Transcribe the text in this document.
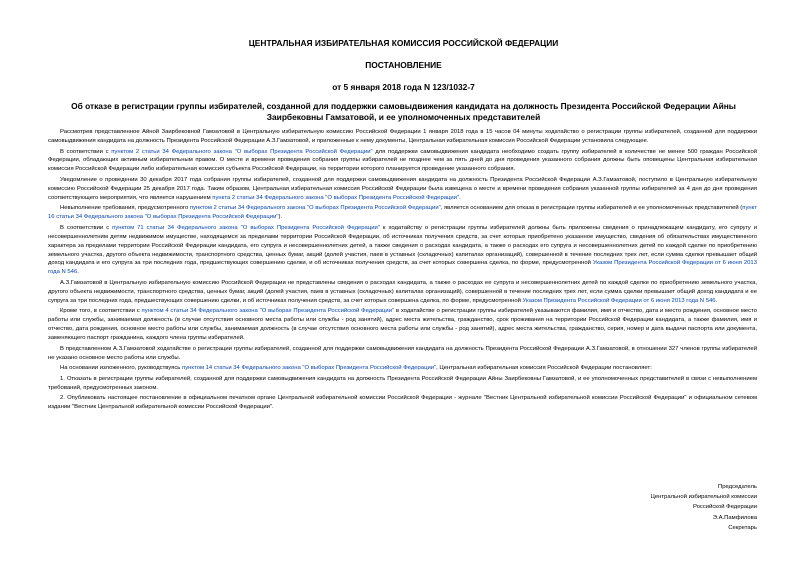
ЦЕНТРАЛЬНАЯ ИЗБИРАТЕЛЬНАЯ КОМИССИЯ РОССИЙСКОЙ ФЕДЕРАЦИИ
ПОСТАНОВЛЕНИЕ
от 5 января 2018 года N 123/1032-7
Об отказе в регистрации группы избирателей, созданной для поддержки самовыдвижения кандидата на должность Президента Российской Федерации Айны Заирбековны Гамзатовой, и ее уполномоченных представителей

Рассмотрев представленное Айной Заирбековной Гамзатовой в Центральную избирательную комиссию Российской Федерации 1 января 2018 года в 15 часов 04 минуты ходатайство о регистрации группы избирателей, созданной для поддержки самовыдвижения кандидата на должность Президента Российской Федерации А.З.Гамзатовой, и приложенные к нему документы, Центральная избирательная комиссия Российской Федерации установила следующее.

В соответствии с пунктом 2 статьи 34 Федерального закона "О выборах Президента Российской Федерации" для поддержки самовыдвижения кандидата необходимо создать группу избирателей в количестве не менее 500 граждан Российской Федерации, обладающих активным избирательным правом. О месте и времени проведения собрания группы избирателей не позднее чем за пять дней до дня проведения указанного собрания должны быть оповещены Центральная избирательная комиссия Российской Федерации либо избирательная комиссия субъекта Российской Федерации, на территории которого планируется проведение указанного собрания.

Уведомление о проведении 30 декабря 2017 года собрания группы избирателей, созданной для поддержки самовыдвижения кандидата на должность Президента Российской Федерации А.З.Гамзатовой, поступило в Центральную избирательную комиссию Российской Федерации 25 декабря 2017 года. Таким образом, Центральная избирательная комиссия Российской Федерации была извещена о месте и времени проведения собрания указанной группы избирателей за 4 дня до дня проведения соответствующего мероприятия, что является нарушением пункта 2 статьи 34 Федерального закона "О выборах Президента Российской Федерации".

Невыполнение требования, предусмотренного пунктом 2 статьи 34 Федерального закона "О выборах Президента Российской Федерации", является основанием для отказа в регистрации группы избирателей и ее уполномоченных представителей (пункт 16 статьи 34 Федерального закона "О выборах Президента Российской Федерации").

В соответствии с пунктом 71 статьи 34 Федерального закона "О выборах Президента Российской Федерации" к ходатайству о регистрации группы избирателей должны быть приложены сведения о принадлежащем кандидату, его супругу и несовершеннолетним детям недвижимом имуществе, находящемся за пределами территории Российской Федерации, об источниках получения средств, за счет которых приобретено указанное имущество, сведения об обязательствах имущественного характера за пределами территории Российской Федерации кандидата, его супруга и несовершеннолетних детей, а также сведения о расходах кандидата, а также о расходах его супруга и несовершеннолетних детей по каждой сделке по приобретению земельного участка, другого объекта недвижимости, транспортного средства, ценных бумаг, акций (долей участия, паев в уставных (складочных) капиталах организаций), совершенной в течение последних трех лет, если сумма сделки превышает общий доход кандидата и его супруга за три последних года, предшествующих совершению сделки, и об источниках получения средств, за счет которых совершена сделка, по форме, предусмотренной Указом Президента Российской Федерации от 6 июня 2013 года N 546.

А.З.Гамзатовой в Центральную избирательную комиссию Российской Федерации не представлены сведения о расходах кандидата, а также о расходах ее супруга и несовершеннолетних детей по каждой сделке по приобретению земельного участка, другого объекта недвижимости, транспортного средства, ценных бумаг, акций (долей участия, паев в уставных (складочных) капиталах организаций), совершенной в течение последних трех лет, если сумма сделки превышает общий доход кандидата и ее супруга за три последних года, предшествующих совершению сделки, и об источниках получения средств, за счет которых совершена сделка, по форме, предусмотренной Указом Президента Российской Федерации от 6 июня 2013 года N 546.

Кроме того, в соответствии с пунктом 4 статьи 34 Федерального закона "О выборах Президента Российской Федерации" в ходатайстве о регистрации группы избирателей указываются фамилия, имя и отчество, дата и место рождения, основное место работы или службы, занимаемая должность (в случае отсутствия основного места работы или службы - род занятий), адрес места жительства, гражданство, срок проживания на территории Российской Федерации кандидата, а также фамилия, имя и отчество, дата рождения, основное место работы или службы, занимаемая должность (в случае отсутствия основного места работы или службы - род занятий), адрес места жительства, гражданство, серия, номер и дата выдачи паспорта или документа, заменяющего паспорт гражданина, каждого члена группы избирателей.

В представленном А.З.Гамзатовой ходатайстве о регистрации группы избирателей, созданной для поддержки самовыдвижения кандидата на должность Президента Российской Федерации А.З.Гамзатовой, в отношении 327 членов группы избирателей не указано основное место работы или службы.

На основании изложенного, руководствуясь пунктом 14 статьи 34 Федерального закона "О выборах Президента Российской Федерации", Центральная избирательная комиссия Российской Федерации постановляет:

1. Отказать в регистрации группы избирателей, созданной для поддержки самовыдвижения кандидата на должность Президента Российской Федерации Айны Заирбековны Гамзатовой, и ее уполномоченных представителей в связи с невыполнением требований, предусмотренных законом.

2. Опубликовать настоящее постановление в официальном печатном органе Центральной избирательной комиссии Российской Федерации - журнале "Вестник Центральной избирательной комиссии Российской Федерации" и официальном сетевом издании "Вестник Центральной избирательной комиссии Российской Федерации".

Председатель
Центральной избирательной комиссии
Российской Федерации
Э.А.Памфилова
Секретарь
